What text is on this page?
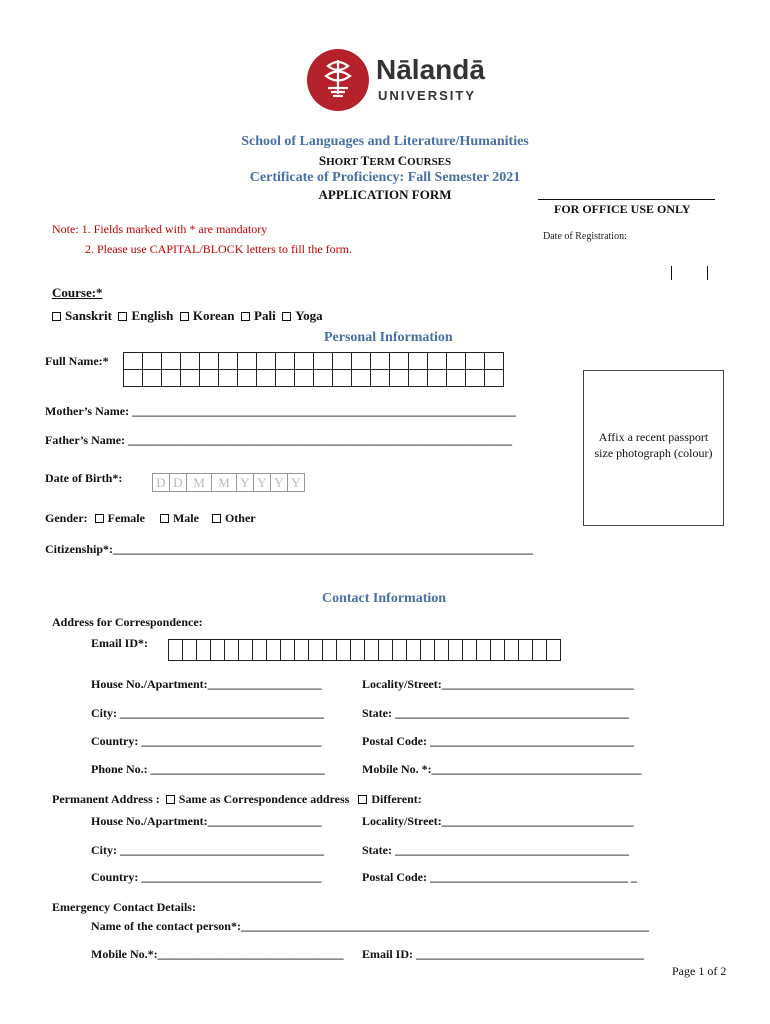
Nālandā
UNIVERSITY
School of Languages and Literature/Humanities
SHORT TERM COURSES
Certificate of Proficiency: Fall Semester 2021
APPLICATION FORM
FOR OFFICE USE ONLY
Date of Registration:
Note: 1. Fields marked with * are mandatory
2. Please use CAPITAL/BLOCK letters to fill the form.
Course:*
Sanskrit English Korean Pali Yoga
Personal Information
Full Name:*

Mother’s Name: ________________________________________________________________
Father’s Name: ________________________________________________________________
Date of Birth*:	D	D	M	M	Y	Y	Y	Y
Gender: Female Male Other
Citizenship*:______________________________________________________________________
Affix a recent passport size photograph (colour)
Contact Information
Address for Correspondence:
Email ID*:

House No./Apartment:___________________	Locality/Street:________________________________
City: __________________________________	State: _______________________________________
Country: ______________________________	Postal Code: __________________________________
Phone No.: _____________________________	Mobile No. *:___________________________________
Permanent Address : Same as Correspondence address Different:
House No./Apartment:___________________	Locality/Street:________________________________
City: __________________________________	State: _______________________________________
Country: ______________________________	Postal Code: _________________________________ _
Emergency Contact Details:
Name of the contact person*:____________________________________________________________________
Mobile No.*:_______________________________ Email ID: ______________________________________
Page 1 of 2
